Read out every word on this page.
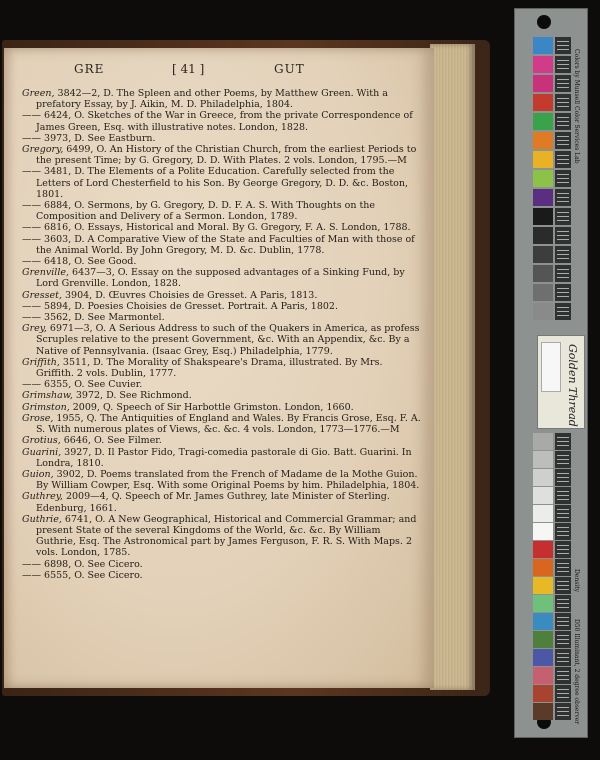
GRE	[ 41 ]	GUT

Green, 3842—2, D. The Spleen and other Poems, by Matthew Green. With a prefatory Essay, by J. Aikin, M. D. Philadelphia, 1804.

—— 6424, O. Sketches of the War in Greece, from the private Correspondence of James Green, Esq. with illustrative notes. London, 1828.

—— 3973, D. See Eastburn.

Gregory, 6499, O. An History of the Christian Church, from the earliest Periods to the present Time; by G. Gregory, D. D. With Plates. 2 vols. London, 1795.—M

—— 3481, D. The Elements of a Polite Education. Carefully selected from the Letters of Lord Chesterfield to his Son. By George Gregory, D. D. &c. Boston, 1801.

—— 6884, O. Sermons, by G. Gregory, D. D. F. A. S. With Thoughts on the Composition and Delivery of a Sermon. London, 1789.

—— 6816, O. Essays, Historical and Moral. By G. Gregory, F. A. S. London, 1788.

—— 3603, D. A Comparative View of the State and Faculties of Man with those of the Animal World. By John Gregory, M. D. &c. Dublin, 1778.

—— 6418, O. See Good.

Grenville, 6437—3, O. Essay on the supposed advantages of a Sinking Fund, by Lord Grenville. London, 1828.

Gresset, 3904, D. Œuvres Choisies de Gresset. A Paris, 1813.

—— 5894, D. Poesies Choisies de Gresset. Portrait. A Paris, 1802.

—— 3562, D. See Marmontel.

Grey, 6971—3, O. A Serious Address to such of the Quakers in America, as profess Scruples relative to the present Government, &c. With an Appendix, &c. By a Native of Pennsylvania. (Isaac Grey, Esq.) Philadelphia, 1779.

Griffith, 3511, D. The Morality of Shakspeare's Drama, illustrated. By Mrs. Griffith. 2 vols. Dublin, 1777.

—— 6355, O. See Cuvier.

Grimshaw, 3972, D. See Richmond.

Grimston, 2009, Q. Speech of Sir Harbottle Grimston. London, 1660.

Grose, 1955, Q. The Antiquities of England and Wales. By Francis Grose, Esq. F. A. S. With numerous plates of Views, &c. &c. 4 vols. London, 1773—1776.—M

Grotius, 6646, O. See Filmer.

Guarini, 3927, D. Il Pastor Fido, Tragi-comedia pastorale di Gio. Batt. Guarini. In Londra, 1810.

Guion, 3902, D. Poems translated from the French of Madame de la Mothe Guion. By William Cowper, Esq. With some Original Poems by him. Philadelphia, 1804.

Guthrey, 2009—4, Q. Speech of Mr. James Guthrey, late Minister of Sterling. Edenburg, 1661.

Guthrie, 6741, O. A New Geographical, Historical and Commercial Grammar; and present State of the several Kingdoms of the World, &c. &c. By William Guthrie, Esq. The Astronomical part by James Ferguson, F. R. S. With Maps. 2 vols. London, 1785.

—— 6898, O. See Cicero.

—— 6555, O. See Cicero.

Colors by Munsell Color Services Lab
Golden Thread
Density
D50 Illuminant, 2 degree observer
